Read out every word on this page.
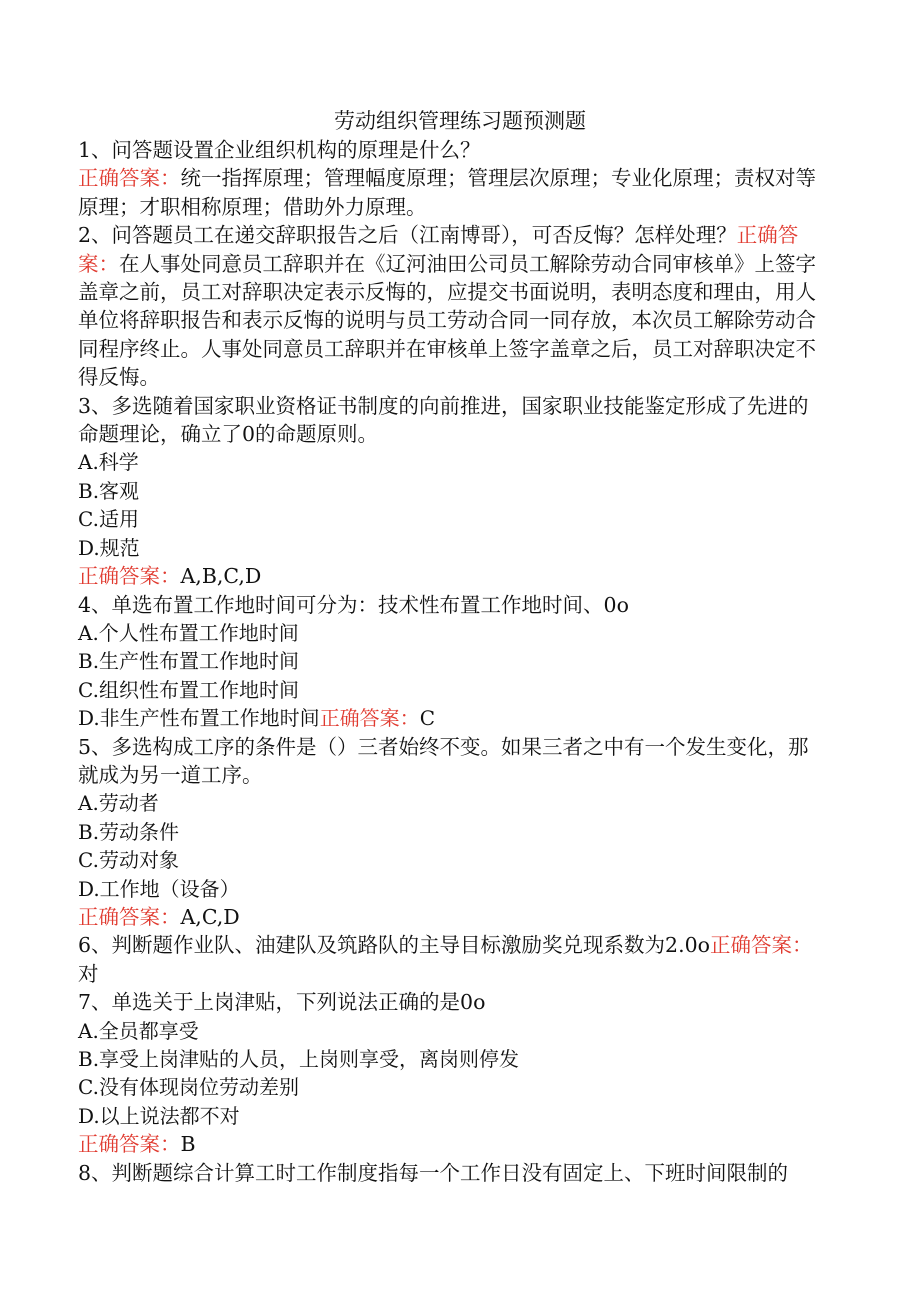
劳动组织管理练习题预测题

1、问答题设置企业组织机构的原理是什么？

正确答案：统一指挥原理；管理幅度原理；管理层次原理；专业化原理；责权对等原理；才职相称原理；借助外力原理。

2、问答题员工在递交辞职报告之后（江南博哥），可否反悔？怎样处理？正确答案：在人事处同意员工辞职并在《辽河油田公司员工解除劳动合同审核单》上签字盖章之前，员工对辞职决定表示反悔的，应提交书面说明，表明态度和理由，用人单位将辞职报告和表示反悔的说明与员工劳动合同一同存放，本次员工解除劳动合同程序终止。人事处同意员工辞职并在审核单上签字盖章之后，员工对辞职决定不得反悔。

3、多选随着国家职业资格证书制度的向前推进，国家职业技能鉴定形成了先进的命题理论，确立了0的命题原则。

A.科学

B.客观

C.适用

D.规范

正确答案：A,B,C,D

4、单选布置工作地时间可分为：技术性布置工作地时间、0o

A.个人性布置工作地时间

B.生产性布置工作地时间

C.组织性布置工作地时间

D.非生产性布置工作地时间正确答案：C

5、多选构成工序的条件是（）三者始终不变。如果三者之中有一个发生变化，那就成为另一道工序。

A.劳动者

B.劳动条件

C.劳动对象

D.工作地（设备）

正确答案：A,C,D

6、判断题作业队、油建队及筑路队的主导目标激励奖兑现系数为2.0o正确答案：对

7、单选关于上岗津贴，下列说法正确的是0o

A.全员都享受

B.享受上岗津贴的人员，上岗则享受，离岗则停发

C.没有体现岗位劳动差别

D.以上说法都不对

正确答案：B

8、判断题综合计算工时工作制度指每一个工作日没有固定上、下班时间限制的
